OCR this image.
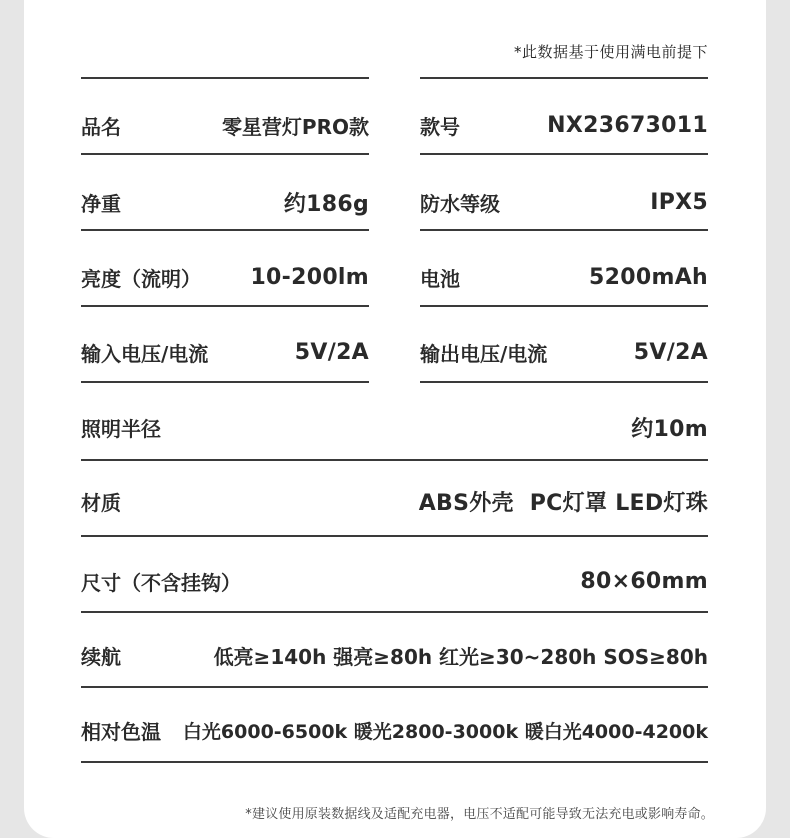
*此数据基于使用满电前提下
品名	零星营灯PRO款	款号	NX23673011
净重	约186g	防水等级	IPX5
亮度（流明） 10-200lm	电池	5200mAh
输入电压/电流	5V/2A	输出电压/电流	5V/2A
照明半径	约10m
材质	ABS外壳  PC灯罩 LED灯珠
尺寸（不含挂钩）	80×60mm
续航	低亮≥140h 强亮≥80h 红光≥30~280h SOS≥80h
相对色温 白光6000-6500k 暖光2800-3000k 暖白光4000-4200k
*建议使用原装数据线及适配充电器，电压不适配可能导致无法充电或影响寿命。
